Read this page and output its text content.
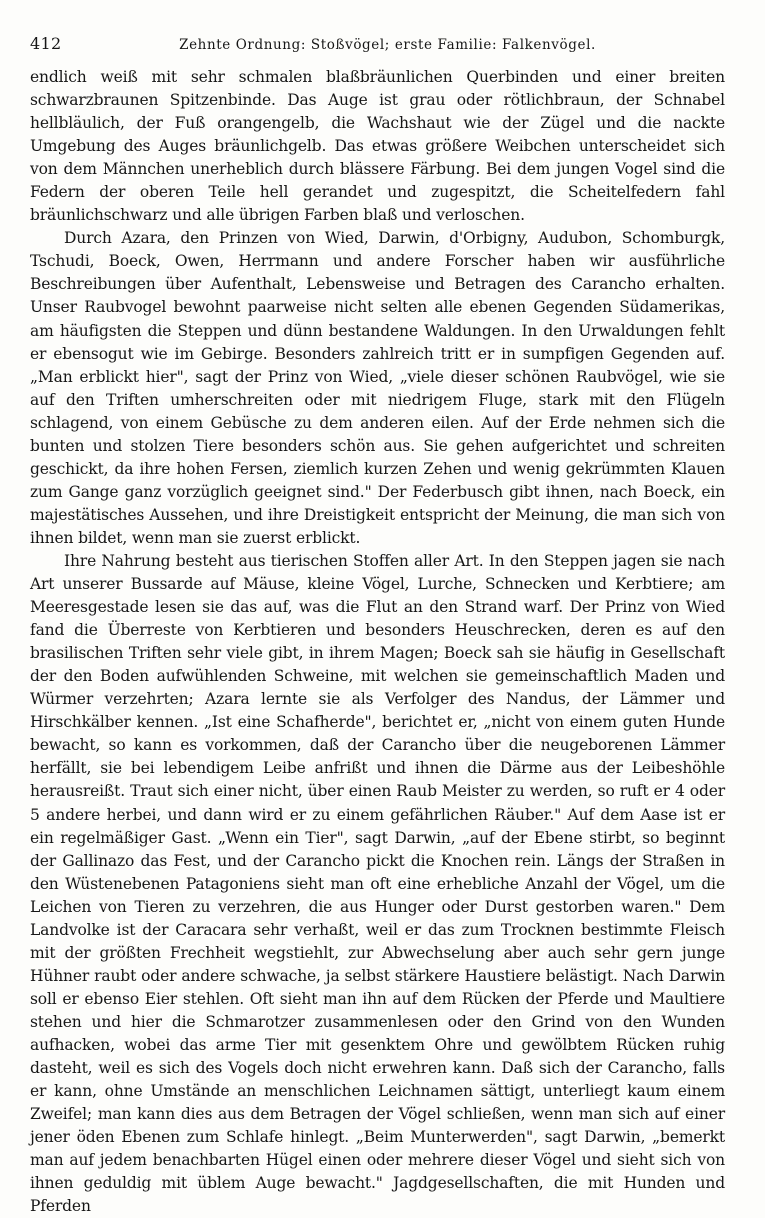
412	Zehnte Ordnung: Stoßvögel; erste Familie: Falkenvögel.

endlich weiß mit sehr schmalen blaßbräunlichen Querbinden und einer breiten schwarzbraunen Spitzenbinde. Das Auge ist grau oder rötlichbraun, der Schnabel hellbläulich, der Fuß orangengelb, die Wachshaut wie der Zügel und die nackte Umgebung des Auges bräunlichgelb. Das etwas größere Weibchen unterscheidet sich von dem Männchen unerheblich durch blässere Färbung. Bei dem jungen Vogel sind die Federn der oberen Teile hell gerandet und zugespitzt, die Scheitelfedern fahl bräunlichschwarz und alle übrigen Farben blaß und verloschen.

Durch Azara, den Prinzen von Wied, Darwin, d'Orbigny, Audubon, Schomburgk, Tschudi, Boeck, Owen, Herrmann und andere Forscher haben wir ausführliche Beschreibungen über Aufenthalt, Lebensweise und Betragen des Carancho erhalten. Unser Raubvogel bewohnt paarweise nicht selten alle ebenen Gegenden Südamerikas, am häufigsten die Steppen und dünn bestandene Waldungen. In den Urwaldungen fehlt er ebensogut wie im Gebirge. Besonders zahlreich tritt er in sumpfigen Gegenden auf. „Man erblickt hier", sagt der Prinz von Wied, „viele dieser schönen Raubvögel, wie sie auf den Triften umherschreiten oder mit niedrigem Fluge, stark mit den Flügeln schlagend, von einem Gebüsche zu dem anderen eilen. Auf der Erde nehmen sich die bunten und stolzen Tiere besonders schön aus. Sie gehen aufgerichtet und schreiten geschickt, da ihre hohen Fersen, ziemlich kurzen Zehen und wenig gekrümmten Klauen zum Gange ganz vorzüglich geeignet sind." Der Federbusch gibt ihnen, nach Boeck, ein majestätisches Aussehen, und ihre Dreistigkeit entspricht der Meinung, die man sich von ihnen bildet, wenn man sie zuerst erblickt.

Ihre Nahrung besteht aus tierischen Stoffen aller Art. In den Steppen jagen sie nach Art unserer Bussarde auf Mäuse, kleine Vögel, Lurche, Schnecken und Kerbtiere; am Meeresgestade lesen sie das auf, was die Flut an den Strand warf. Der Prinz von Wied fand die Überreste von Kerbtieren und besonders Heuschrecken, deren es auf den brasilischen Triften sehr viele gibt, in ihrem Magen; Boeck sah sie häufig in Gesellschaft der den Boden aufwühlenden Schweine, mit welchen sie gemeinschaftlich Maden und Würmer verzehrten; Azara lernte sie als Verfolger des Nandus, der Lämmer und Hirschkälber kennen. „Ist eine Schafherde", berichtet er, „nicht von einem guten Hunde bewacht, so kann es vorkommen, daß der Carancho über die neugeborenen Lämmer herfällt, sie bei lebendigem Leibe anfrißt und ihnen die Därme aus der Leibeshöhle herausreißt. Traut sich einer nicht, über einen Raub Meister zu werden, so ruft er 4 oder 5 andere herbei, und dann wird er zu einem gefährlichen Räuber." Auf dem Aase ist er ein regelmäßiger Gast. „Wenn ein Tier", sagt Darwin, „auf der Ebene stirbt, so beginnt der Gallinazo das Fest, und der Carancho pickt die Knochen rein. Längs der Straßen in den Wüstenebenen Patagoniens sieht man oft eine erhebliche Anzahl der Vögel, um die Leichen von Tieren zu verzehren, die aus Hunger oder Durst gestorben waren." Dem Landvolke ist der Caracara sehr verhaßt, weil er das zum Trocknen bestimmte Fleisch mit der größten Frechheit wegstiehlt, zur Abwechselung aber auch sehr gern junge Hühner raubt oder andere schwache, ja selbst stärkere Haustiere belästigt. Nach Darwin soll er ebenso Eier stehlen. Oft sieht man ihn auf dem Rücken der Pferde und Maultiere stehen und hier die Schmarotzer zusammenlesen oder den Grind von den Wunden aufhacken, wobei das arme Tier mit gesenktem Ohre und gewölbtem Rücken ruhig dasteht, weil es sich des Vogels doch nicht erwehren kann. Daß sich der Carancho, falls er kann, ohne Umstände an menschlichen Leichnamen sättigt, unterliegt kaum einem Zweifel; man kann dies aus dem Betragen der Vögel schließen, wenn man sich auf einer jener öden Ebenen zum Schlafe hinlegt. „Beim Munterwerden", sagt Darwin, „bemerkt man auf jedem benachbarten Hügel einen oder mehrere dieser Vögel und sieht sich von ihnen geduldig mit üblem Auge bewacht." Jagdgesellschaften, die mit Hunden und Pferden
